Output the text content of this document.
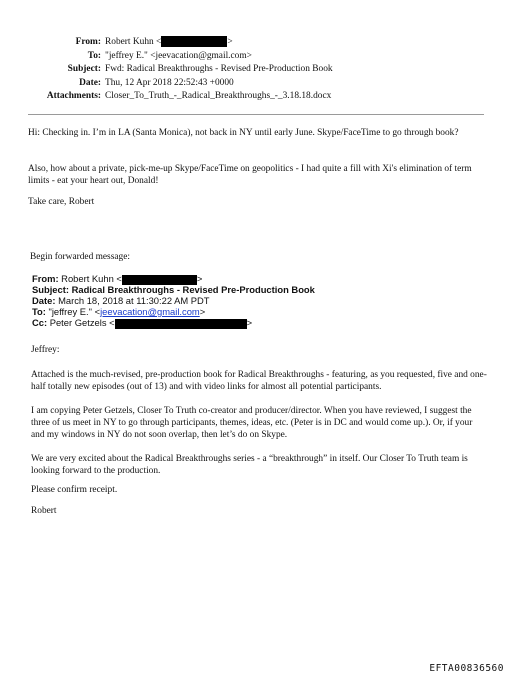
From: Robert Kuhn <	>
To: "jeffrey E." <jeevacation@gmail.com>
Subject: Fwd: Radical Breakthroughs - Revised Pre-Production Book
Date: Thu, 12 Apr 2018 22:52:43 +0000
Attachments: Closer_To_Truth_-_Radical_Breakthroughs_-_3.18.18.docx

Hi: Checking in. I’m in LA (Santa Monica), not back in NY until early June. Skype/FaceTime to go through book?

Also, how about a private, pick-me-up Skype/FaceTime on geopolitics - I had quite a fill with Xi's elimination of term limits - eat your heart out, Donald!

Take care, Robert

Begin forwarded message:
From: Robert Kuhn <	>
Subject: Radical Breakthroughs - Revised Pre-Production Book
Date: March 18, 2018 at 11:30:22 AM PDT
To: "jeffrey E." <jeevacation@gmail.com>
Cc: Peter Getzels <	>

Jeffrey:

Attached is the much-revised, pre-production book for Radical Breakthroughs - featuring, as you requested, five and one-half totally new episodes (out of 13) and with video links for almost all potential participants.

I am copying Peter Getzels, Closer To Truth co-creator and producer/director. When you have reviewed, I suggest the three of us meet in NY to go through participants, themes, ideas, etc. (Peter is in DC and would come up.). Or, if your and my windows in NY do not soon overlap, then let’s do on Skype.

We are very excited about the Radical Breakthroughs series - a “breakthrough” in itself. Our Closer To Truth team is looking forward to the production.

Please confirm receipt.

Robert

EFTA00836560
